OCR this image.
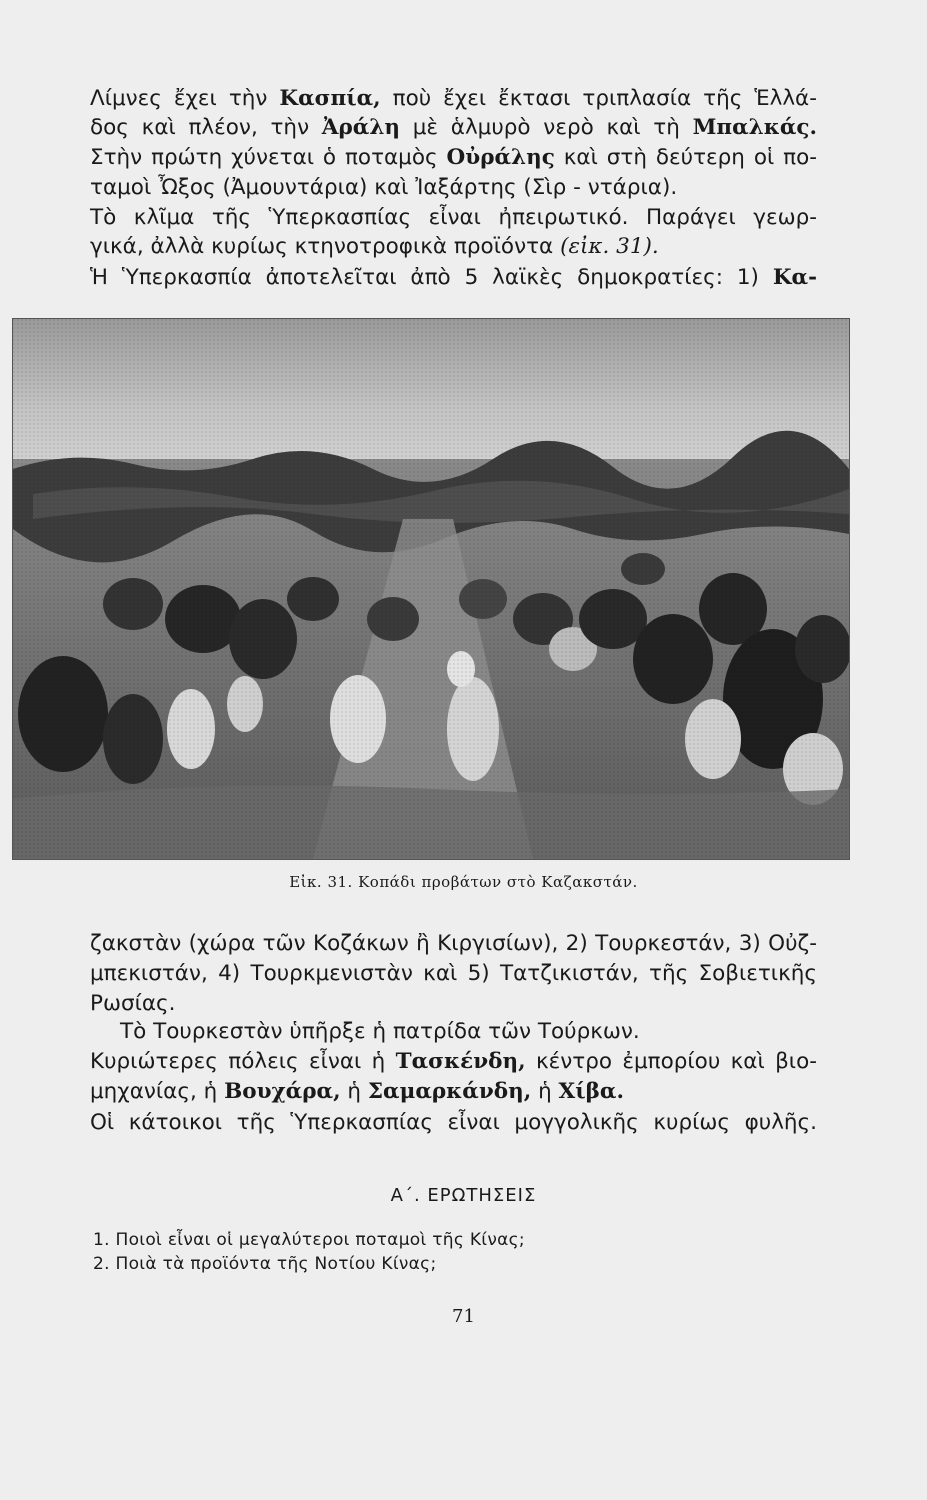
Λίμνες ἔχει τὴν Κασπία, ποὺ ἔχει ἔκτασι τριπλασία τῆς Ἑλλά-
δος καὶ πλέον, τὴν Ἀράλη μὲ ἁλμυρὸ νερὸ καὶ τὴ Μπαλκάς.
Στὴν πρώτη χύνεται ὁ ποταμὸς Οὐράλης καὶ στὴ δεύτερη οἱ πο-
ταμοὶ Ὦξος (Ἀμουντάρια) καὶ Ἰαξάρτης (Σὶρ - ντάρια).
Τὸ κλῖμα τῆς Ὑπερκασπίας εἶναι ἠπειρωτικό. Παράγει γεωρ-
γικά, ἀλλὰ κυρίως κτηνοτροφικὰ προϊόντα (εἰκ. 31).
Ἡ Ὑπερκασπία ἀποτελεῖται ἀπὸ 5 λαϊκὲς δημοκρατίες: 1) Κα-
Εἰκ. 31. Κοπάδι προβάτων στὸ Καζακστάν.
ζακστὰν (χώρα τῶν Κοζάκων ἢ Κιργισίων), 2) Τουρκεστάν, 3) Οὐζ-
μπεκιστάν, 4) Τουρκμενιστὰν καὶ 5) Τατζικιστάν, τῆς Σοβιετικῆς
Ρωσίας.
Τὸ Τουρκεστὰν ὑπῆρξε ἡ πατρίδα τῶν Τούρκων.
Κυριώτερες πόλεις εἶναι ἡ Τασκένδη, κέντρο ἐμπορίου καὶ βιο-
μηχανίας, ἡ Βουχάρα, ἡ Σαμαρκάνδη, ἡ Χίβα.
Οἱ κάτοικοι τῆς Ὑπερκασπίας εἶναι μογγολικῆς κυρίως φυλῆς.
Α΄. ΕΡΩΤΗΣΕΙΣ
1. Ποιοὶ εἶναι οἱ μεγαλύτεροι ποταμοὶ τῆς Κίνας;
2. Ποιὰ τὰ προϊόντα τῆς Νοτίου Κίνας;
71
